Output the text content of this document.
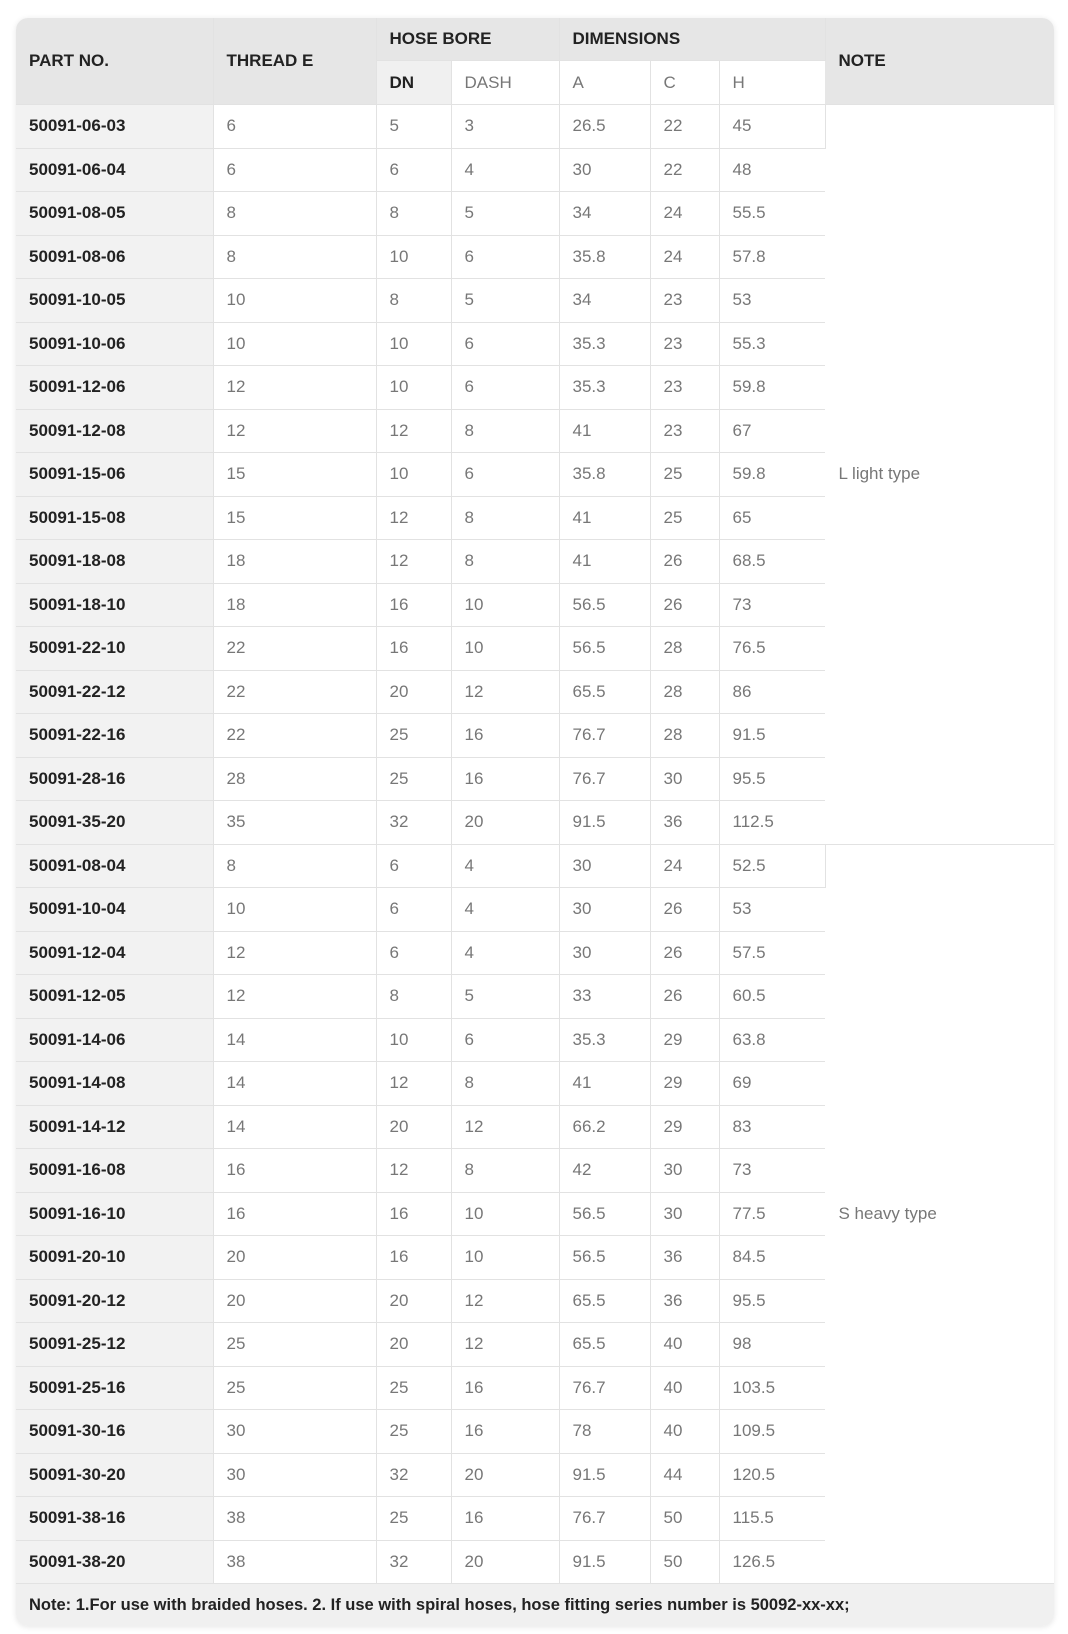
PART NO.	THREAD E	HOSE BORE		DIMENSIONS			NOTE
		DN	DASH	A	C	H	
50091-06-03	6	5	3	26.5	22	45	L light type
50091-06-04	6	6	4	30	22	48	
50091-08-05	8	8	5	34	24	55.5	
50091-08-06	8	10	6	35.8	24	57.8	
50091-10-05	10	8	5	34	23	53	
50091-10-06	10	10	6	35.3	23	55.3	
50091-12-06	12	10	6	35.3	23	59.8	
50091-12-08	12	12	8	41	23	67	
50091-15-06	15	10	6	35.8	25	59.8	
50091-15-08	15	12	8	41	25	65	
50091-18-08	18	12	8	41	26	68.5	
50091-18-10	18	16	10	56.5	26	73	
50091-22-10	22	16	10	56.5	28	76.5	
50091-22-12	22	20	12	65.5	28	86	
50091-22-16	22	25	16	76.7	28	91.5	
50091-28-16	28	25	16	76.7	30	95.5	
50091-35-20	35	32	20	91.5	36	112.5	
50091-08-04	8	6	4	30	24	52.5	S heavy type
50091-10-04	10	6	4	30	26	53	
50091-12-04	12	6	4	30	26	57.5	
50091-12-05	12	8	5	33	26	60.5	
50091-14-06	14	10	6	35.3	29	63.8	
50091-14-08	14	12	8	41	29	69	
50091-14-12	14	20	12	66.2	29	83	
50091-16-08	16	12	8	42	30	73	
50091-16-10	16	16	10	56.5	30	77.5	
50091-20-10	20	16	10	56.5	36	84.5	
50091-20-12	20	20	12	65.5	36	95.5	
50091-25-12	25	20	12	65.5	40	98	
50091-25-16	25	25	16	76.7	40	103.5	
50091-30-16	30	25	16	78	40	109.5	
50091-30-20	30	32	20	91.5	44	120.5	
50091-38-16	38	25	16	76.7	50	115.5	
50091-38-20	38	32	20	91.5	50	126.5	
Note: 1.For use with braided hoses. 2. If use with spiral hoses, hose fitting series number is 50092-xx-xx;							
